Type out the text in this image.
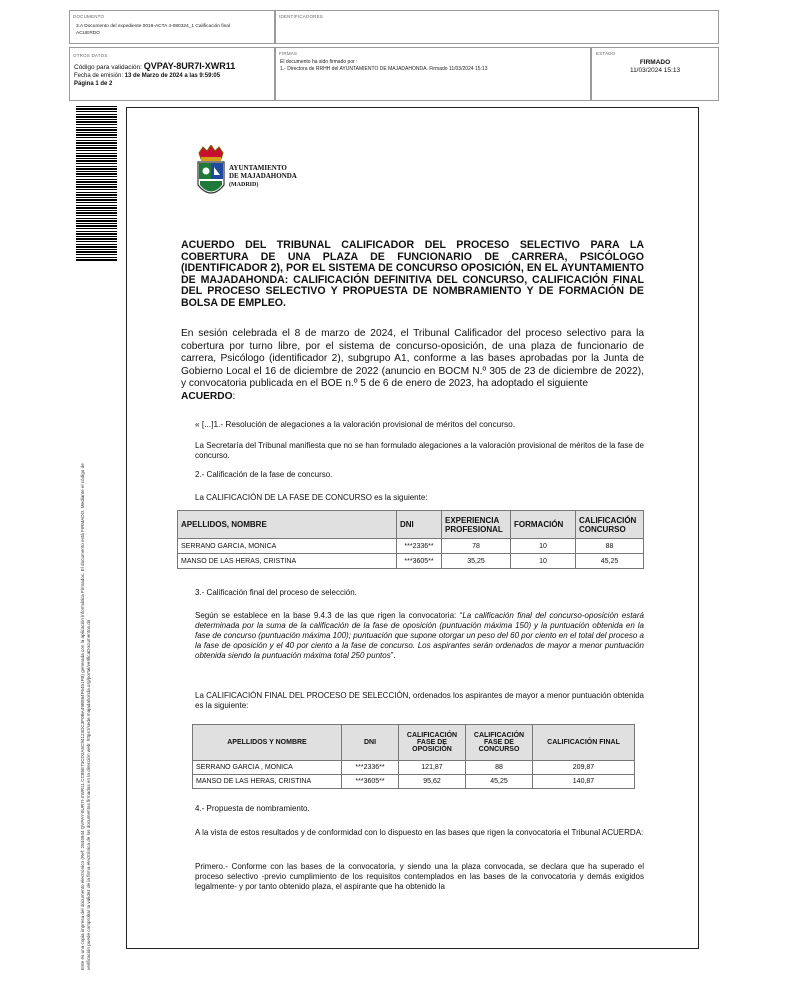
DOCUMENTO
3.A Documento del expediente 0019-ACTA 4-080324_1 Calificación final ACUERDO
IDENTIFICADORES
OTROS DATOS
Código para validación: QVPAY-8UR7I-XWR11
Fecha de emisión: 13 de Marzo de 2024 a las 9:59:05
Página 1 de 2
FIRMAS
El documento ha sido firmado por :
1.- Directora de RRHH del AYUNTAMIENTO DE MAJADAHONDA. Firmado 11/03/2024 15:13
ESTADO
FIRMADO
11/03/2024 15:13
Este es una copia impresa del documento electrónico (Ref: 2844944 QVPAY-8UR7I-XWR11 CC85E73CD2A5C94123DC3F0BA49B584F6451FB) generada con la aplicación informática Firmadoc. El documento está FIRMADO. Mediante el código de verificación puede comprobar la validez de la firma electrónica de los documentos firmados en la dirección web: https://sede.majadahonda.org/portal/verificaDocumentos.do
AYUNTAMIENTO
DE MAJADAHONDA
(MADRID)
ACUERDO DEL TRIBUNAL CALIFICADOR DEL PROCESO SELECTIVO PARA LA COBERTURA DE UNA PLAZA DE FUNCIONARIO DE CARRERA, PSICÓLOGO (IDENTIFICADOR 2), POR EL SISTEMA DE CONCURSO OPOSICIÓN, EN EL AYUNTAMIENTO DE MAJADAHONDA: CALIFICACIÓN DEFINITIVA DEL CONCURSO, CALIFICACIÓN FINAL DEL PROCESO SELECTIVO Y PROPUESTA DE NOMBRAMIENTO Y DE FORMACIÓN DE BOLSA DE EMPLEO.
En sesión celebrada el 8 de marzo de 2024, el Tribunal Calificador del proceso selectivo para la cobertura por turno libre, por el sistema de concurso-oposición, de una plaza de funcionario de carrera, Psicólogo (identificador 2), subgrupo A1, conforme a las bases aprobadas por la Junta de Gobierno Local el 16 de diciembre de 2022 (anuncio en BOCM N.º 305 de 23 de diciembre de 2022), y convocatoria publicada en el BOE n.º 5 de 6 de enero de 2023, ha adoptado el siguiente
ACUERDO:
« [...]1.- Resolución de alegaciones a la valoración provisional de méritos del concurso.
La Secretaría del Tribunal manifiesta que no se han formulado alegaciones a la valoración provisional de méritos de la fase de concurso.
2.- Calificación de la fase de concurso.
La CALIFICACIÓN DE LA FASE DE CONCURSO es la siguiente:
APELLIDOS, NOMBRE	DNI	EXPERIENCIA PROFESIONAL	FORMACIÓN	CALIFICACIÓN CONCURSO
SERRANO GARCIA, MONICA	***2336**	78	10	88
MANSO DE LAS HERAS, CRISTINA	***3605**	35,25	10	45,25
3.- Calificación final del proceso de selección.
Según se establece en la base 9.4.3 de las que rigen la convocatoria: “La calificación final del concurso-oposición estará determinada por la suma de la calificación de la fase de oposición (puntuación máxima 150) y la puntuación obtenida en la fase de concurso (puntuación máxima 100); puntuación que supone otorgar un peso del 60 por ciento en el total del proceso a la fase de oposición y el 40 por ciento a la fase de concurso. Los aspirantes serán ordenados de mayor a menor puntuación obtenida siendo la puntuación máxima total 250 puntos”.
La CALIFICACIÓN FINAL DEL PROCESO DE SELECCIÓN, ordenados los aspirantes de mayor a menor puntuación obtenida es la siguiente:
APELLIDOS Y NOMBRE	DNI	CALIFICACIÓN FASE DE OPOSICIÓN	CALIFICACIÓN FASE DE CONCURSO	CALIFICACIÓN FINAL
SERRANO GARCIA , MONICA	***2336**	121,87	88	209,87
MANSO DE LAS HERAS, CRISTINA	***3605**	95,62	45,25	140,87
4.- Propuesta de nombramiento.
A la vista de estos resultados y de conformidad con lo dispuesto en las bases que rigen la convocatoria el Tribunal ACUERDA:
Primero.- Conforme con las bases de la convocatoria, y siendo una la plaza convocada, se declara que ha superado el proceso selectivo -previo cumplimiento de los requisitos contemplados en las bases de la convocatoria y demás exigidos legalmente- y por tanto obtenido plaza, el aspirante que ha obtenido la
